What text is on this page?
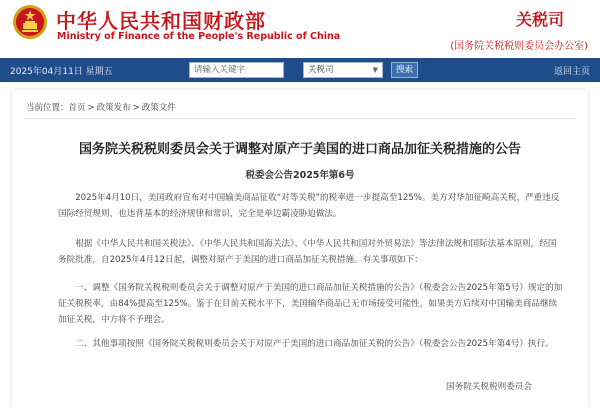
中华人民共和国财政部
Ministry of Finance of the People's Republic of China
关税司
(国务院关税税则委员会办公室)
2025年04月11日 星期五	请输入关键字	关税司	▼	搜索	返回主页
当前位置：首页 > 政策发布 > 政策文件
国务院关税税则委员会关于调整对原产于美国的进口商品加征关税措施的公告
税委会公告2025年第6号

2025年4月10日，美国政府宣布对中国输美商品征收“对等关税”的税率进一步提高至125%。美方对华加征畸高关税，严重违反国际经贸规则，也违背基本的经济规律和常识，完全是单边霸凌胁迫做法。

根据《中华人民共和国关税法》、《中华人民共和国海关法》、《中华人民共和国对外贸易法》等法律法规和国际法基本原则，经国务院批准，自2025年4月12日起，调整对原产于美国的进口商品加征关税措施。有关事项如下：

一、调整《国务院关税税则委员会关于调整对原产于美国的进口商品加征关税措施的公告》（税委会公告2025年第5号）规定的加征关税税率，由84%提高至125%。鉴于在目前关税水平下，美国输华商品已无市场接受可能性，如果美方后续对中国输美商品继续加征关税，中方将不予理会。

二、其他事项按照《国务院关税税则委员会关于对原产于美国的进口商品加征关税的公告》（税委会公告2025年第4号）执行。

国务院关税税则委员会
